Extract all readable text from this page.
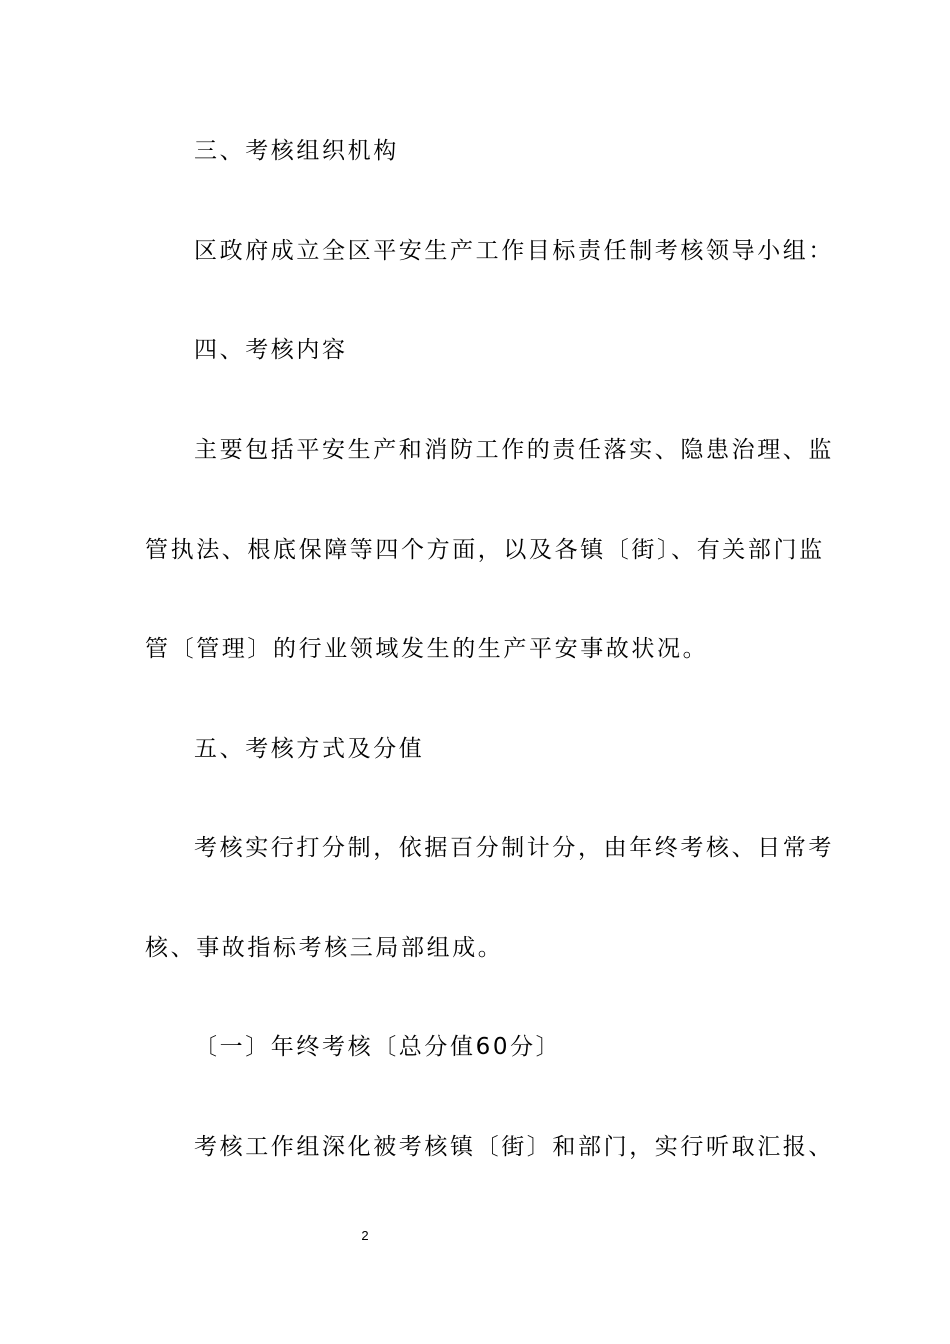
三、考核组织机构
区政府成立全区平安生产工作目标责任制考核领导小组：
四、考核内容
主要包括平安生产和消防工作的责任落实、隐患治理、监
管执法、根底保障等四个方面，以及各镇〔街〕、有关部门监
管〔管理〕的行业领域发生的生产平安事故状况。
五、考核方式及分值
考核实行打分制，依据百分制计分，由年终考核、日常考
核、事故指标考核三局部组成。
〔一〕年终考核〔总分值60分〕
考核工作组深化被考核镇〔街〕和部门，实行听取汇报、
2
